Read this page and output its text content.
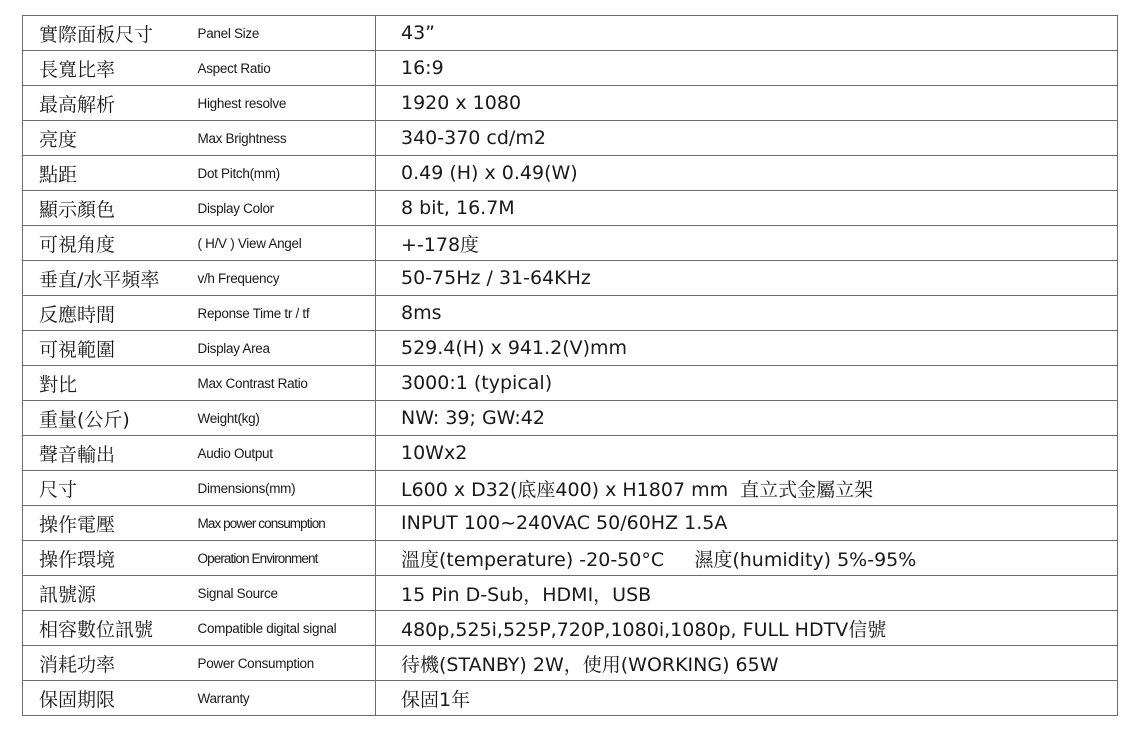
實際面板尺寸	Panel Size	43”
長寬比率	Aspect Ratio	16:9
最高解析	Highest resolve	1920 x 1080
亮度	Max Brightness	340-370 cd/m2
點距	Dot Pitch(mm)	0.49 (H) x 0.49(W)
顯示顏色	Display Color	8 bit, 16.7M
可視角度	( H/V ) View Angel	+-178度
垂直/水平頻率	v/h Frequency	50-75Hz / 31-64KHz
反應時間	Reponse Time tr / tf	8ms
可視範圍	Display Area	529.4(H) x 941.2(V)mm
對比	Max Contrast Ratio	3000:1 (typical)
重量(公斤)	Weight(kg)	NW: 39; GW:42
聲音輸出	Audio Output	10Wx2
尺寸	Dimensions(mm)	L600 x D32(底座400) x H1807 mm  直立式金屬立架
操作電壓	Max power consumption	INPUT 100~240VAC 50/60HZ 1.5A
操作環境	Operation Environment	溫度(temperature) -20-50°C     濕度(humidity) 5%-95%
訊號源	Signal Source	15 Pin D-Sub，HDMI，USB
相容數位訊號	Compatible digital signal	480p,525i,525P,720P,1080i,1080p, FULL HDTV信號
消耗功率	Power Consumption	待機(STANBY) 2W，使用(WORKING) 65W
保固期限	Warranty	保固1年
